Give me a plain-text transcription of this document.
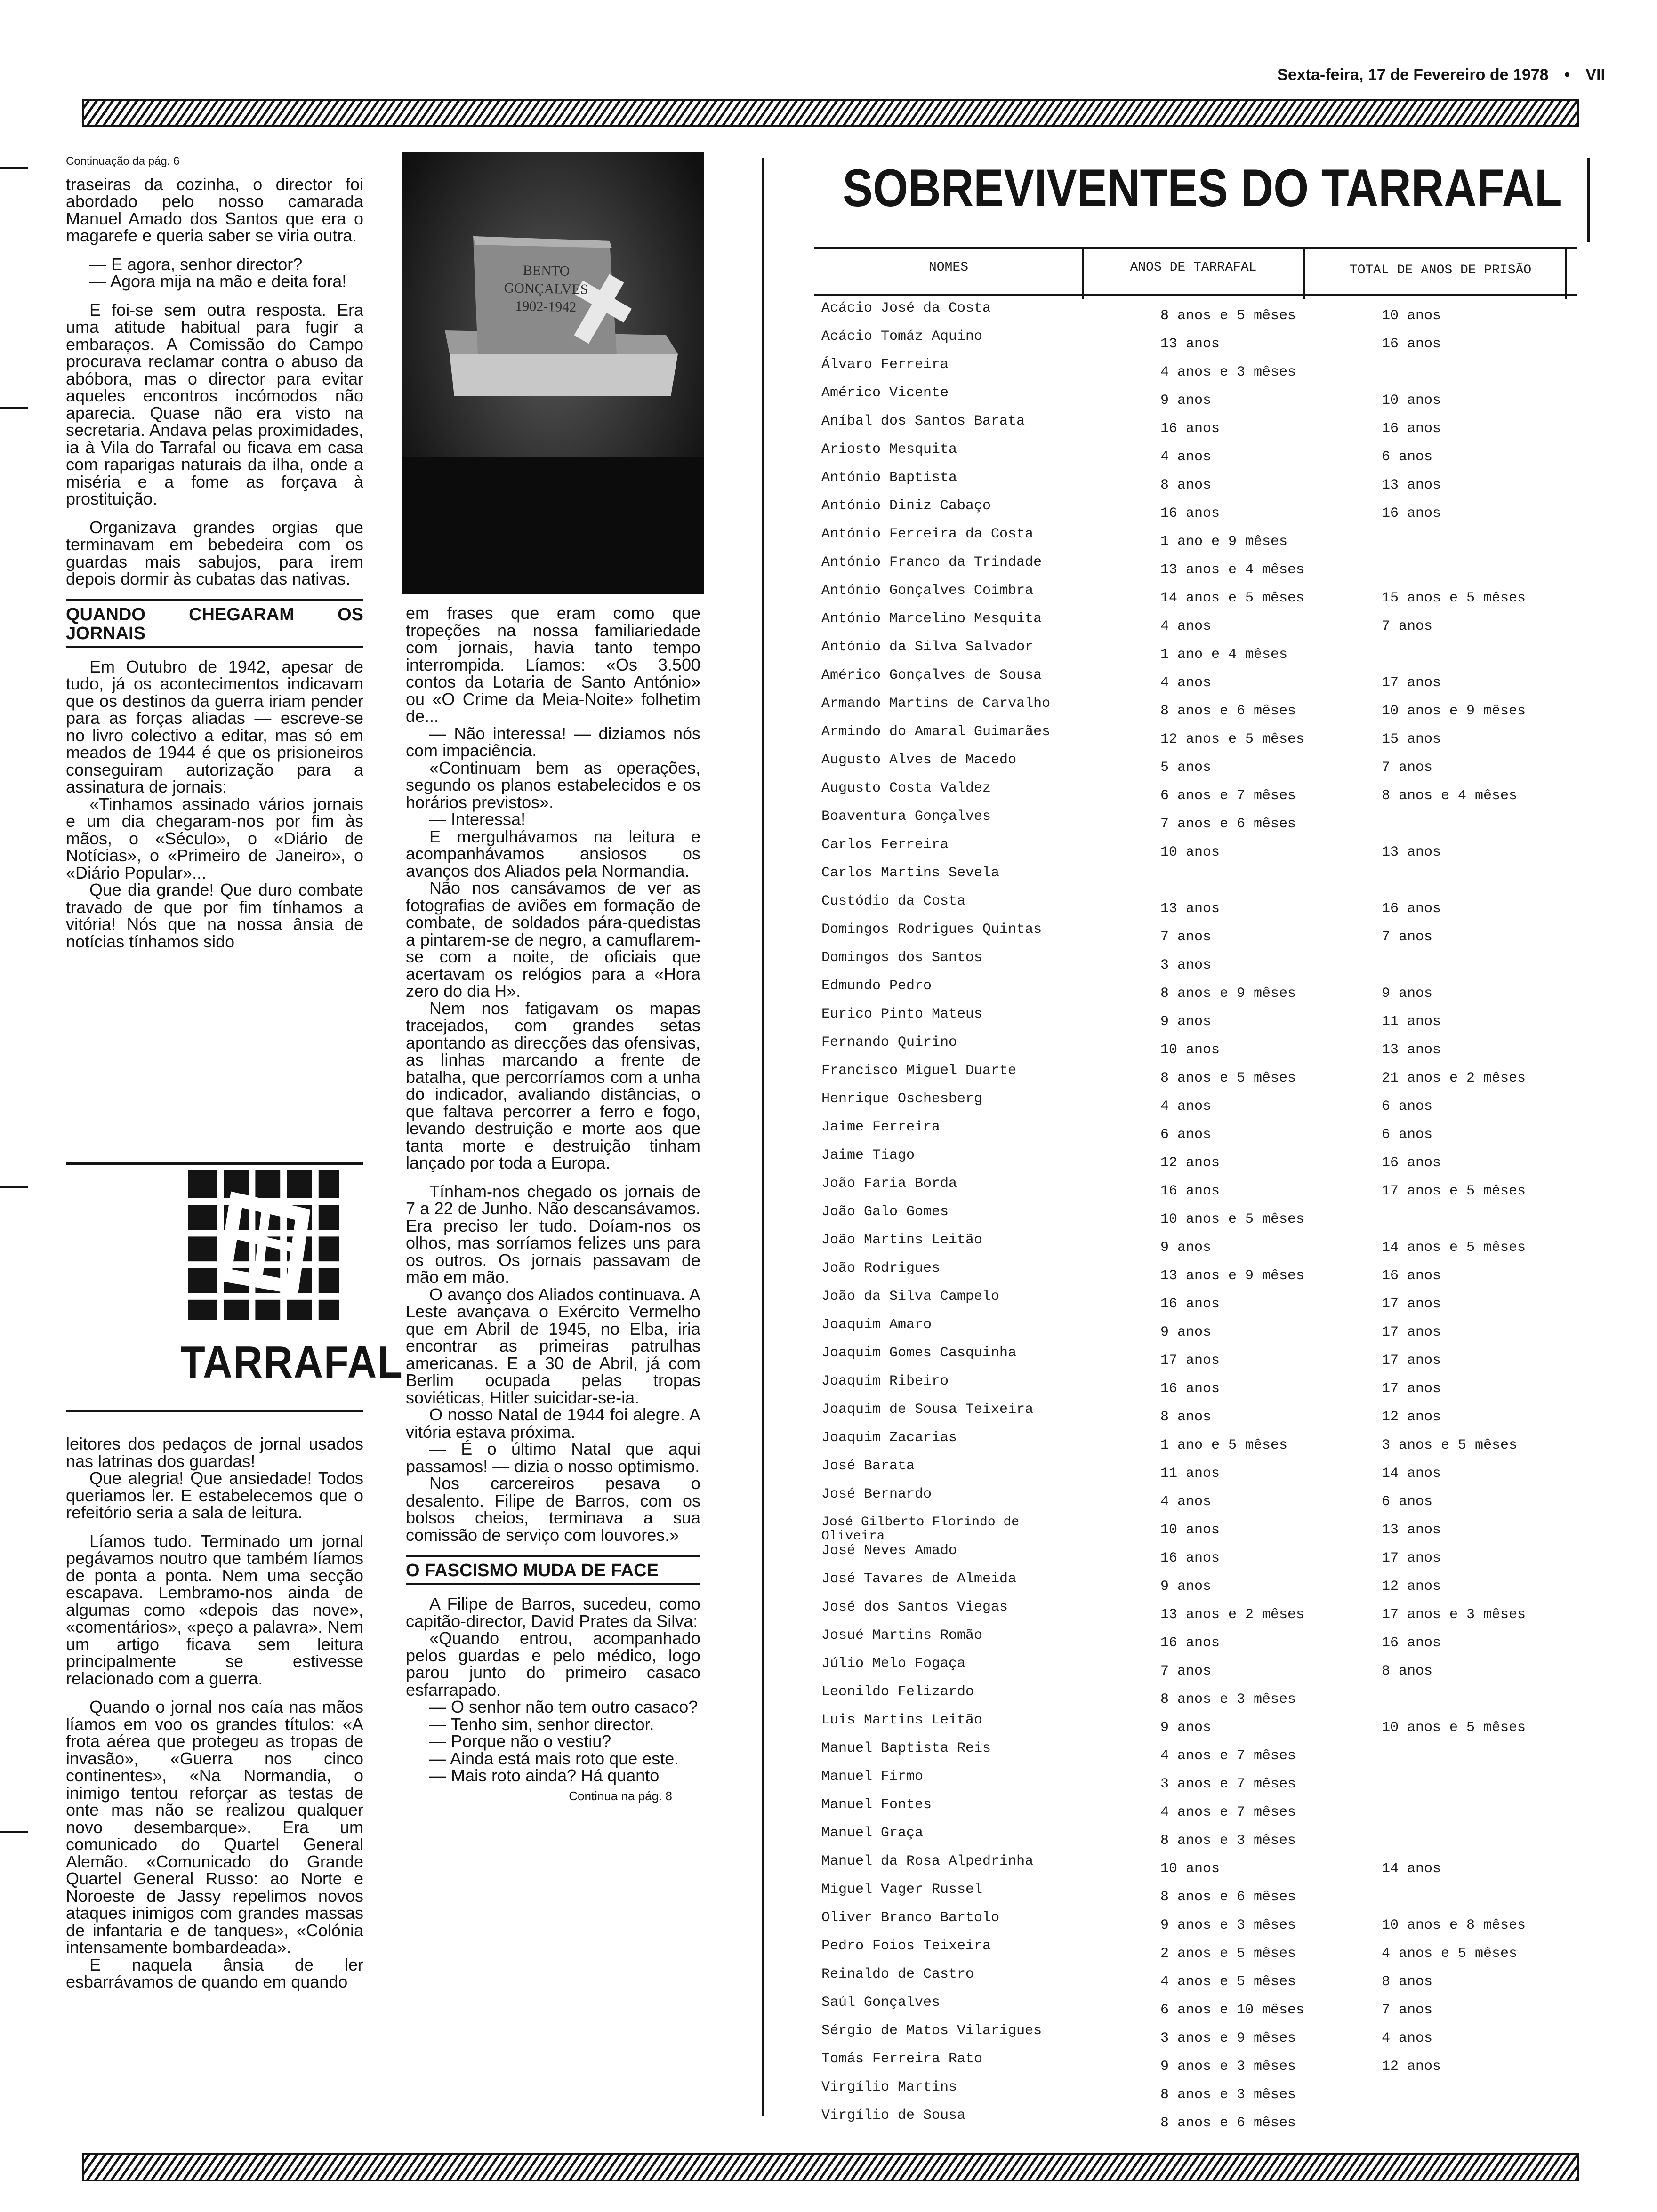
Sexta-feira, 17 de Fevereiro de 1978 • VII
Continuação da pág. 6

traseiras da cozinha, o director foi abordado pelo nosso camarada Manuel Amado dos Santos que era o magarefe e queria saber se viria outra.

— E agora, senhor director?

— Agora mija na mão e deita fora!

E foi-se sem outra resposta. Era uma atitude habitual para fugir a embaraços. A Comissão do Campo procurava reclamar contra o abuso da abóbora, mas o director para evitar aqueles encontros incómodos não aparecia. Quase não era visto na secretaria. Andava pelas proximidades, ia à Vila do Tarrafal ou ficava em casa com raparigas naturais da ilha, onde a miséria e a fome as forçava à prostituição.

Organizava grandes orgias que terminavam em bebedeira com os guardas mais sabujos, para irem depois dormir às cubatas das nativas.

QUANDO CHEGARAM OS JORNAIS

Em Outubro de 1942, apesar de tudo, já os acontecimentos indicavam que os destinos da guerra iriam pender para as forças aliadas — escreve-se no livro colectivo a editar, mas só em meados de 1944 é que os prisioneiros conseguiram autorização para a assinatura de jornais:

«Tinhamos assinado vários jornais e um dia chegaram-nos por fim às mãos, o «Século», o «Diário de Notícias», o «Primeiro de Janeiro», o «Diário Popular»...

Que dia grande! Que duro combate travado de que por fim tínhamos a vitória! Nós que na nossa ânsia de notícias tínhamos sido

TARRAFAL

leitores dos pedaços de jornal usados nas latrinas dos guardas!

Que alegria! Que ansiedade! Todos queriamos ler. E estabelecemos que o refeitório seria a sala de leitura.

Líamos tudo. Terminado um jornal pegávamos noutro que também líamos de ponta a ponta. Nem uma secção escapava. Lembramo-nos ainda de algumas como «depois das nove», «comentários», «peço a palavra». Nem um artigo ficava sem leitura principalmente se estivesse relacionado com a guerra.

Quando o jornal nos caía nas mãos líamos em voo os grandes títulos: «A frota aérea que protegeu as tropas de invasão», «Guerra nos cinco continentes», «Na Normandia, o inimigo tentou reforçar as testas de onte mas não se realizou qualquer novo desembarque». Era um comunicado do Quartel General Alemão. «Comunicado do Grande Quartel General Russo: ao Norte e Noroeste de Jassy repelimos novos ataques inimigos com grandes massas de infantaria e de tanques», «Colónia intensamente bombardeada».

E naquela ânsia de ler esbarrávamos de quando em quando

BENTO
GONÇALVES
1902-1942

em frases que eram como que tropeções na nossa familiariedade com jornais, havia tanto tempo interrompida. Líamos: «Os 3.500 contos da Lotaria de Santo António» ou «O Crime da Meia-Noite» folhetim de...

— Não interessa! — diziamos nós com impaciência.

«Continuam bem as operações, segundo os planos estabelecidos e os horários previstos».

— Interessa!

E mergulhávamos na leitura e acompanhávamos ansiosos os avanços dos Aliados pela Normandia.

Não nos cansávamos de ver as fotografias de aviões em formação de combate, de soldados pára-quedistas a pintarem-se de negro, a camuflarem-se com a noite, de oficiais que acertavam os relógios para a «Hora zero do dia H».

Nem nos fatigavam os mapas tracejados, com grandes setas apontando as direcções das ofensivas, as linhas marcando a frente de batalha, que percorríamos com a unha do indicador, avaliando distâncias, o que faltava percorrer a ferro e fogo, levando destruição e morte aos que tanta morte e destruição tinham lançado por toda a Europa.

Tínham-nos chegado os jornais de 7 a 22 de Junho. Não descansávamos. Era preciso ler tudo. Doíam-nos os olhos, mas sorríamos felizes uns para os outros. Os jornais passavam de mão em mão.

O avanço dos Aliados continuava. A Leste avançava o Exército Vermelho que em Abril de 1945, no Elba, iria encontrar as primeiras patrulhas americanas. E a 30 de Abril, já com Berlim ocupada pelas tropas soviéticas, Hitler suicidar-se-ia.

O nosso Natal de 1944 foi alegre. A vitória estava próxima.

— É o último Natal que aqui passamos! — dizia o nosso optimismo.

Nos carcereiros pesava o desalento. Filipe de Barros, com os bolsos cheios, terminava a sua comissão de serviço com louvores.»

O FASCISMO MUDA DE FACE

A Filipe de Barros, sucedeu, como capitão-director, David Prates da Silva:

«Quando entrou, acompanhado pelos guardas e pelo médico, logo parou junto do primeiro casaco esfarrapado.

— O senhor não tem outro casaco?

— Tenho sim, senhor director.

— Porque não o vestiu?

— Ainda está mais roto que este.

— Mais roto ainda? Há quanto

Continua na pág. 8
SOBREVIVENTES DO TARRAFAL
NOMES	ANOS DE TARRAFAL	TOTAL DE ANOS DE PRISÃO
Acácio José da Costa	8 anos e 5 mêses	10 anos
Acácio Tomáz Aquino	13 anos	16 anos
Álvaro Ferreira	4 anos e 3 mêses
Américo Vicente	9 anos	10 anos
Aníbal dos Santos Barata	16 anos	16 anos
Ariosto Mesquita	4 anos	6 anos
António Baptista	8 anos	13 anos
António Diniz Cabaço	16 anos	16 anos
António Ferreira da Costa	1 ano e 9 mêses
António Franco da Trindade	13 anos e 4 mêses
António Gonçalves Coimbra	14 anos e 5 mêses	15 anos e 5 mêses
António Marcelino Mesquita	4 anos	7 anos
António da Silva Salvador	1 ano e 4 mêses
Américo Gonçalves de Sousa	4 anos	17 anos
Armando Martins de Carvalho	8 anos e 6 mêses	10 anos e 9 mêses
Armindo do Amaral Guimarães	12 anos e 5 mêses	15 anos
Augusto Alves de Macedo	5 anos	7 anos
Augusto Costa Valdez	6 anos e 7 mêses	8 anos e 4 mêses
Boaventura Gonçalves	7 anos e 6 mêses
Carlos Ferreira	10 anos	13 anos
Carlos Martins Sevela
Custódio da Costa	13 anos	16 anos
Domingos Rodrigues Quintas	7 anos	7 anos
Domingos dos Santos	3 anos
Edmundo Pedro	8 anos e 9 mêses	9 anos
Eurico Pinto Mateus	9 anos	11 anos
Fernando Quirino	10 anos	13 anos
Francisco Miguel Duarte	8 anos e 5 mêses	21 anos e 2 mêses
Henrique Oschesberg	4 anos	6 anos
Jaime Ferreira	6 anos	6 anos
Jaime Tiago	12 anos	16 anos
João Faria Borda	16 anos	17 anos e 5 mêses
João Galo Gomes	10 anos e 5 mêses
João Martins Leitão	9 anos	14 anos e 5 mêses
João Rodrigues	13 anos e 9 mêses	16 anos
João da Silva Campelo	16 anos	17 anos
Joaquim Amaro	9 anos	17 anos
Joaquim Gomes Casquinha	17 anos	17 anos
Joaquim Ribeiro	16 anos	17 anos
Joaquim de Sousa Teixeira	8 anos	12 anos
Joaquim Zacarias	1 ano e 5 mêses	3 anos e 5 mêses
José Barata	11 anos	14 anos
José Bernardo	4 anos	6 anos
José Gilberto Florindo de Oliveira	10 anos	13 anos
José Neves Amado	16 anos	17 anos
José Tavares de Almeida	9 anos	12 anos
José dos Santos Viegas	13 anos e 2 mêses	17 anos e 3 mêses
Josué Martins Romão	16 anos	16 anos
Júlio Melo Fogaça	7 anos	8 anos
Leonildo Felizardo	8 anos e 3 mêses
Luis Martins Leitão	9 anos	10 anos e 5 mêses
Manuel Baptista Reis	4 anos e 7 mêses
Manuel Firmo	3 anos e 7 mêses
Manuel Fontes	4 anos e 7 mêses
Manuel Graça	8 anos e 3 mêses
Manuel da Rosa Alpedrinha	10 anos	14 anos
Miguel Vager Russel	8 anos e 6 mêses
Oliver Branco Bartolo	9 anos e 3 mêses	10 anos e 8 mêses
Pedro Foios Teixeira	2 anos e 5 mêses	4 anos e 5 mêses
Reinaldo de Castro	4 anos e 5 mêses	8 anos
Saúl Gonçalves	6 anos e 10 mêses	7 anos
Sérgio de Matos Vilarigues	3 anos e 9 mêses	4 anos
Tomás Ferreira Rato	9 anos e 3 mêses	12 anos
Virgílio Martins	8 anos e 3 mêses
Virgílio de Sousa	8 anos e 6 mêses
